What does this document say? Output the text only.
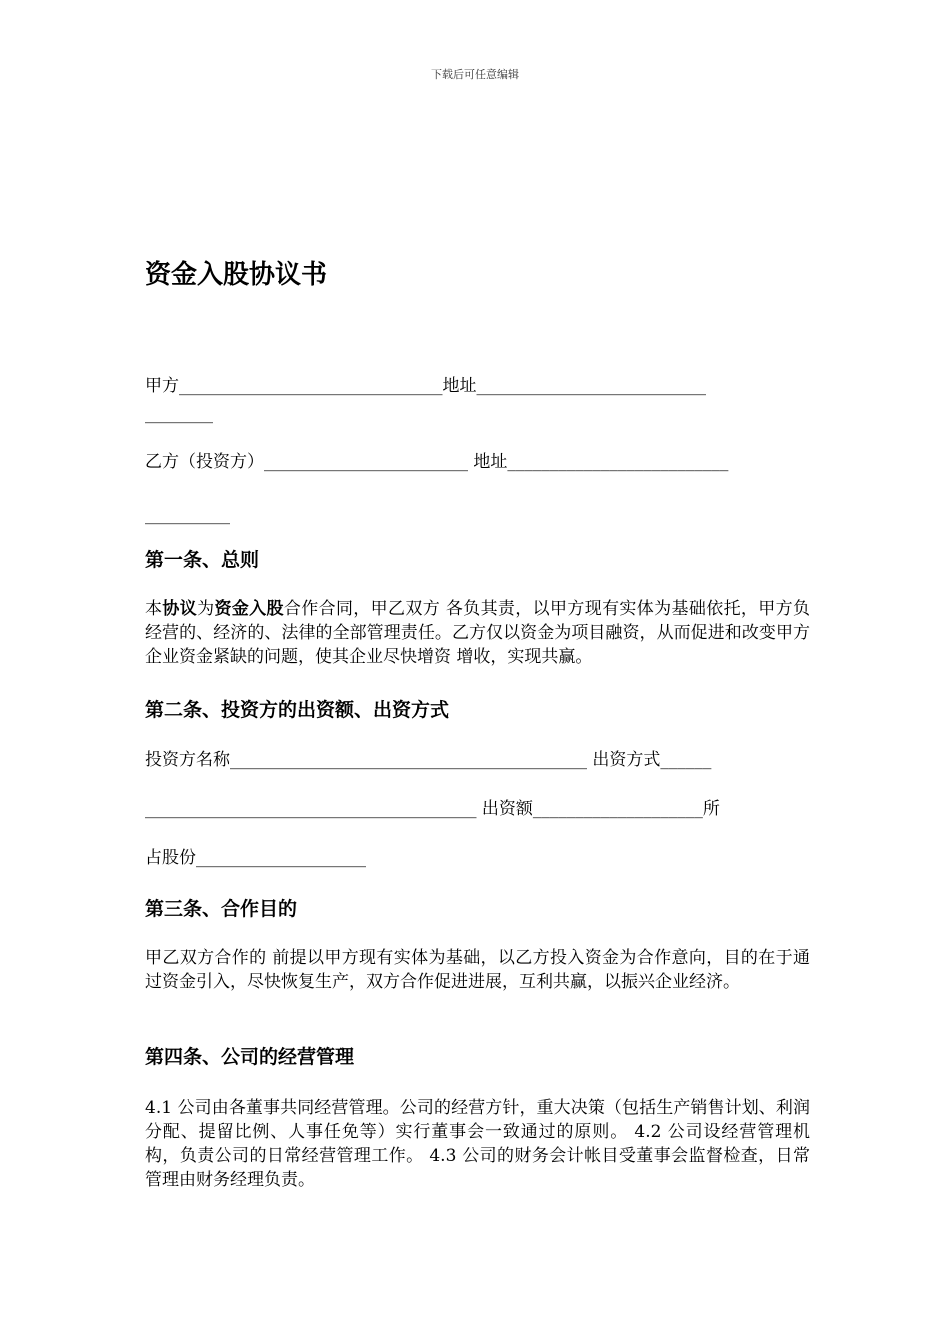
下载后可任意编辑
资金入股协议书
甲方_______________________________地址___________________________
________
乙方（投资方）________________________ 地址__________________________
__________
第一条、总则

本协议为资金入股合作合同，甲乙双方 各负其责，以甲方现有实体为基础依托，甲方负经营的、经济的、法律的全部管理责任。乙方仅以资金为项目融资，从而促进和改变甲方企业资金紧缺的问题，使其企业尽快增资 增收，实现共赢。

第二条、投资方的出资额、出资方式
投资方名称__________________________________________ 出资方式______
_______________________________________ 出资额____________________所
占股份____________________
第三条、合作目的

甲乙双方合作的 前提以甲方现有实体为基础，以乙方投入资金为合作意向，目的在于通过资金引入，尽快恢复生产，双方合作促进进展，互利共赢，以振兴企业经济。

第四条、公司的经营管理

4.1 公司由各董事共同经营管理。公司的经营方针，重大决策（包括生产销售计划、利润分配、提留比例、人事任免等）实行董事会一致通过的原则。 4.2 公司设经营管理机构，负责公司的日常经营管理工作。 4.3 公司的财务会计帐目受董事会监督检查，日常管理由财务经理负责。
